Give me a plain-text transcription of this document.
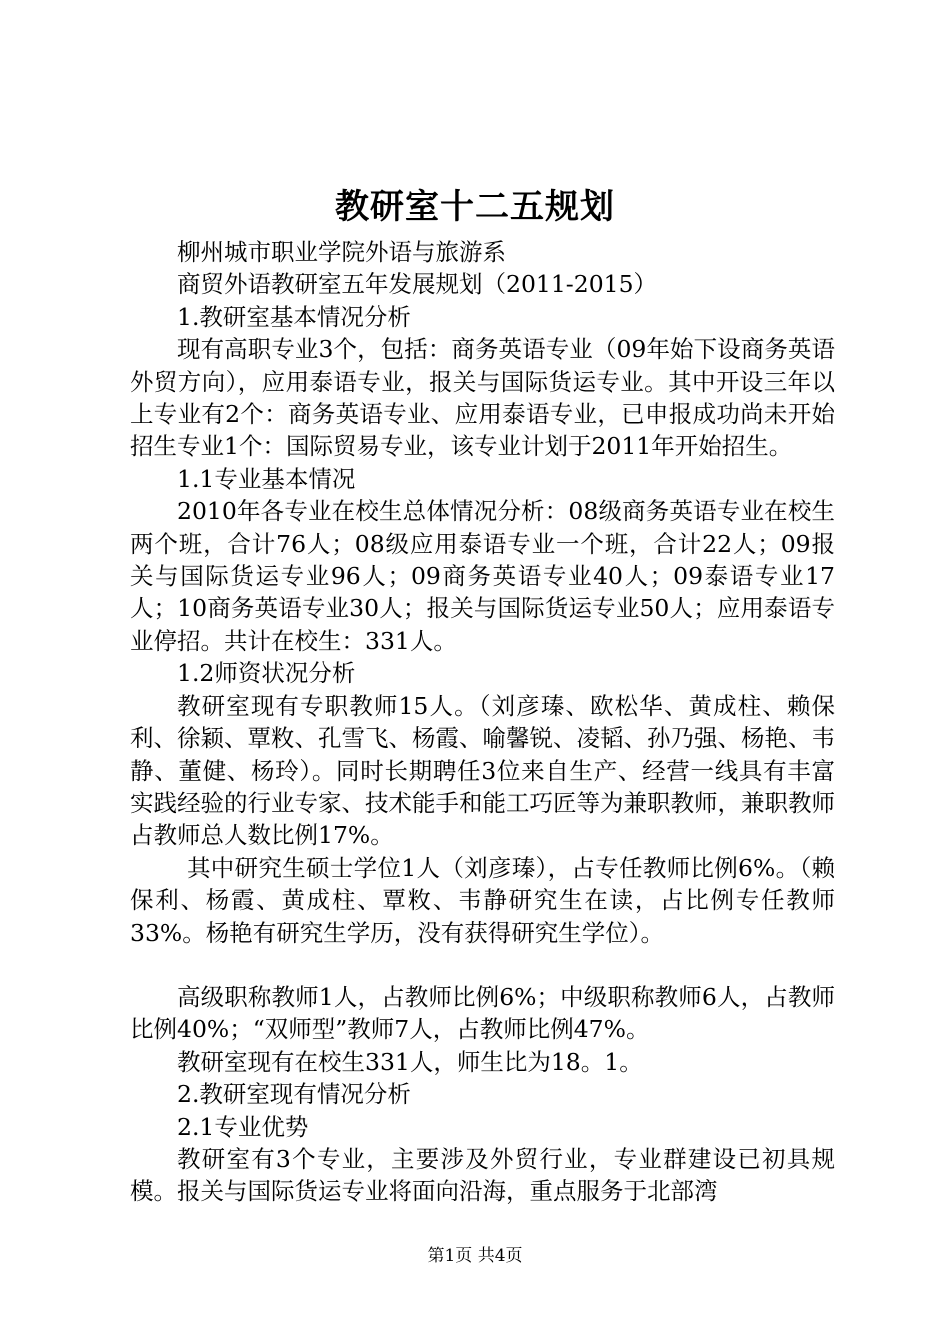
教研室十二五规划

柳州城市职业学院外语与旅游系

商贸外语教研室五年发展规划（2011-2015）

1.教研室基本情况分析

现有高职专业3个，包括：商务英语专业（09年始下设商务英语外贸方向），应用泰语专业，报关与国际货运专业。其中开设三年以上专业有2个：商务英语专业、应用泰语专业，已申报成功尚未开始招生专业1个：国际贸易专业，该专业计划于2011年开始招生。

1.1专业基本情况

2010年各专业在校生总体情况分析：08级商务英语专业在校生两个班，合计76人；08级应用泰语专业一个班，合计22人；09报关与国际货运专业96人；09商务英语专业40人；09泰语专业17人；10商务英语专业30人；报关与国际货运专业50人；应用泰语专业停招。共计在校生：331人。

1.2师资状况分析

教研室现有专职教师15人。（刘彦瑧、欧松华、黄成柱、赖保利、徐颖、覃敉、孔雪飞、杨霞、喻馨锐、凌韬、孙乃强、杨艳、韦静、董健、杨玲）。同时长期聘任3位来自生产、经营一线具有丰富实践经验的行业专家、技术能手和能工巧匠等为兼职教师，兼职教师占教师总人数比例17%。

其中研究生硕士学位1人（刘彦瑧），占专任教师比例6%。（赖保利、杨霞、黄成柱、覃敉、韦静研究生在读，占比例专任教师33%。杨艳有研究生学历，没有获得研究生学位）。

高级职称教师1人，占教师比例6%；中级职称教师6人，占教师比例40%；“双师型”教师7人，占教师比例47%。

教研室现有在校生331人，师生比为18。1。

2.教研室现有情况分析

2.1专业优势

教研室有3个专业，主要涉及外贸行业，专业群建设已初具规模。报关与国际货运专业将面向沿海，重点服务于北部湾

第1页 共4页
